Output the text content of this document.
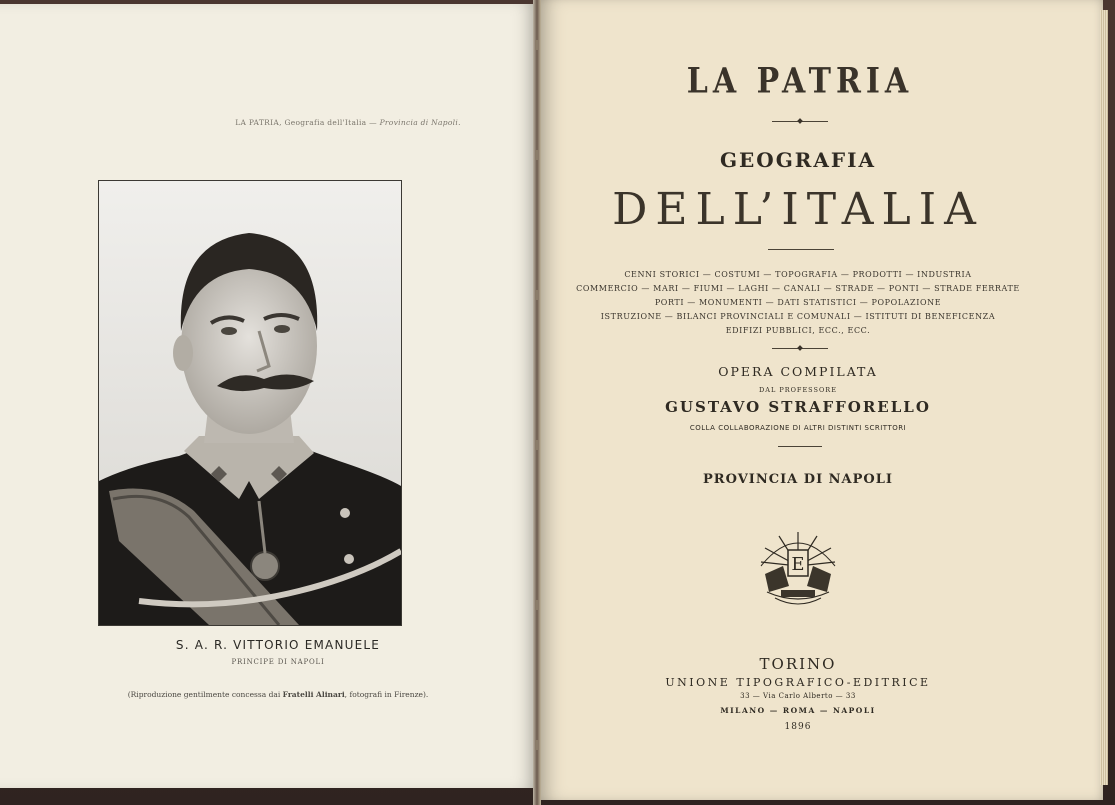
LA PATRIA, Geografia dell'Italia — Provincia di Napoli.
S. A. R. VITTORIO EMANUELE
PRINCIPE DI NAPOLI
(Riproduzione gentilmente concessa dai Fratelli Alinari, fotografi in Firenze).
LA PATRIA
GEOGRAFIA
DELL’ITALIA
CENNI STORICI — COSTUMI — TOPOGRAFIA — PRODOTTI — INDUSTRIA
COMMERCIO — MARI — FIUMI — LAGHI — CANALI — STRADE — PONTI — STRADE FERRATE
PORTI — MONUMENTI — DATI STATISTICI — POPOLAZIONE
ISTRUZIONE — BILANCI PROVINCIALI E COMUNALI — ISTITUTI DI BENEFICENZA
EDIFIZI PUBBLICI, ECC., ECC.
OPERA COMPILATA
DAL PROFESSORE
GUSTAVO STRAFFORELLO
COLLA COLLABORAZIONE DI ALTRI DISTINTI SCRITTORI
PROVINCIA DI NAPOLI
E
TORINO
UNIONE TIPOGRAFICO-EDITRICE
33 — Via Carlo Alberto — 33
MILANO — ROMA — NAPOLI
1896
